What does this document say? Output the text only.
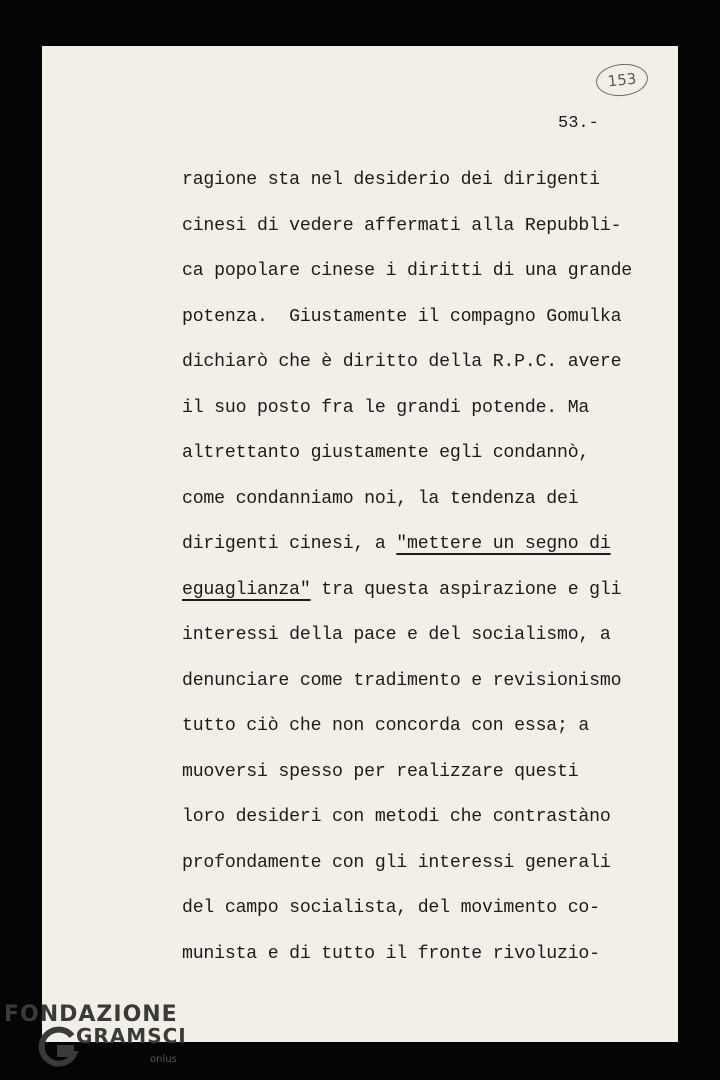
153
53.-
ragione sta nel desiderio dei dirigenti
cinesi di vedere affermati alla Repubbli-
ca popolare cinese i diritti di una grande
potenza.  Giustamente il compagno Gomulka
dichiarò che è diritto della R.P.C. avere
il suo posto fra le grandi potende. Ma
altrettanto giustamente egli condannò,
come condanniamo noi, la tendenza dei
dirigenti cinesi, a "mettere un segno di
eguaglianza" tra questa aspirazione e gli
interessi della pace e del socialismo, a
denunciare come tradimento e revisionismo
tutto ciò che non concorda con essa; a
muoversi spesso per realizzare questi
loro desideri con metodi che contrastàno
profondamente con gli interessi generali
del campo socialista, del movimento co-
munista e di tutto il fronte rivoluzio-
FONDAZIONE
GRAMSCI
onlus
